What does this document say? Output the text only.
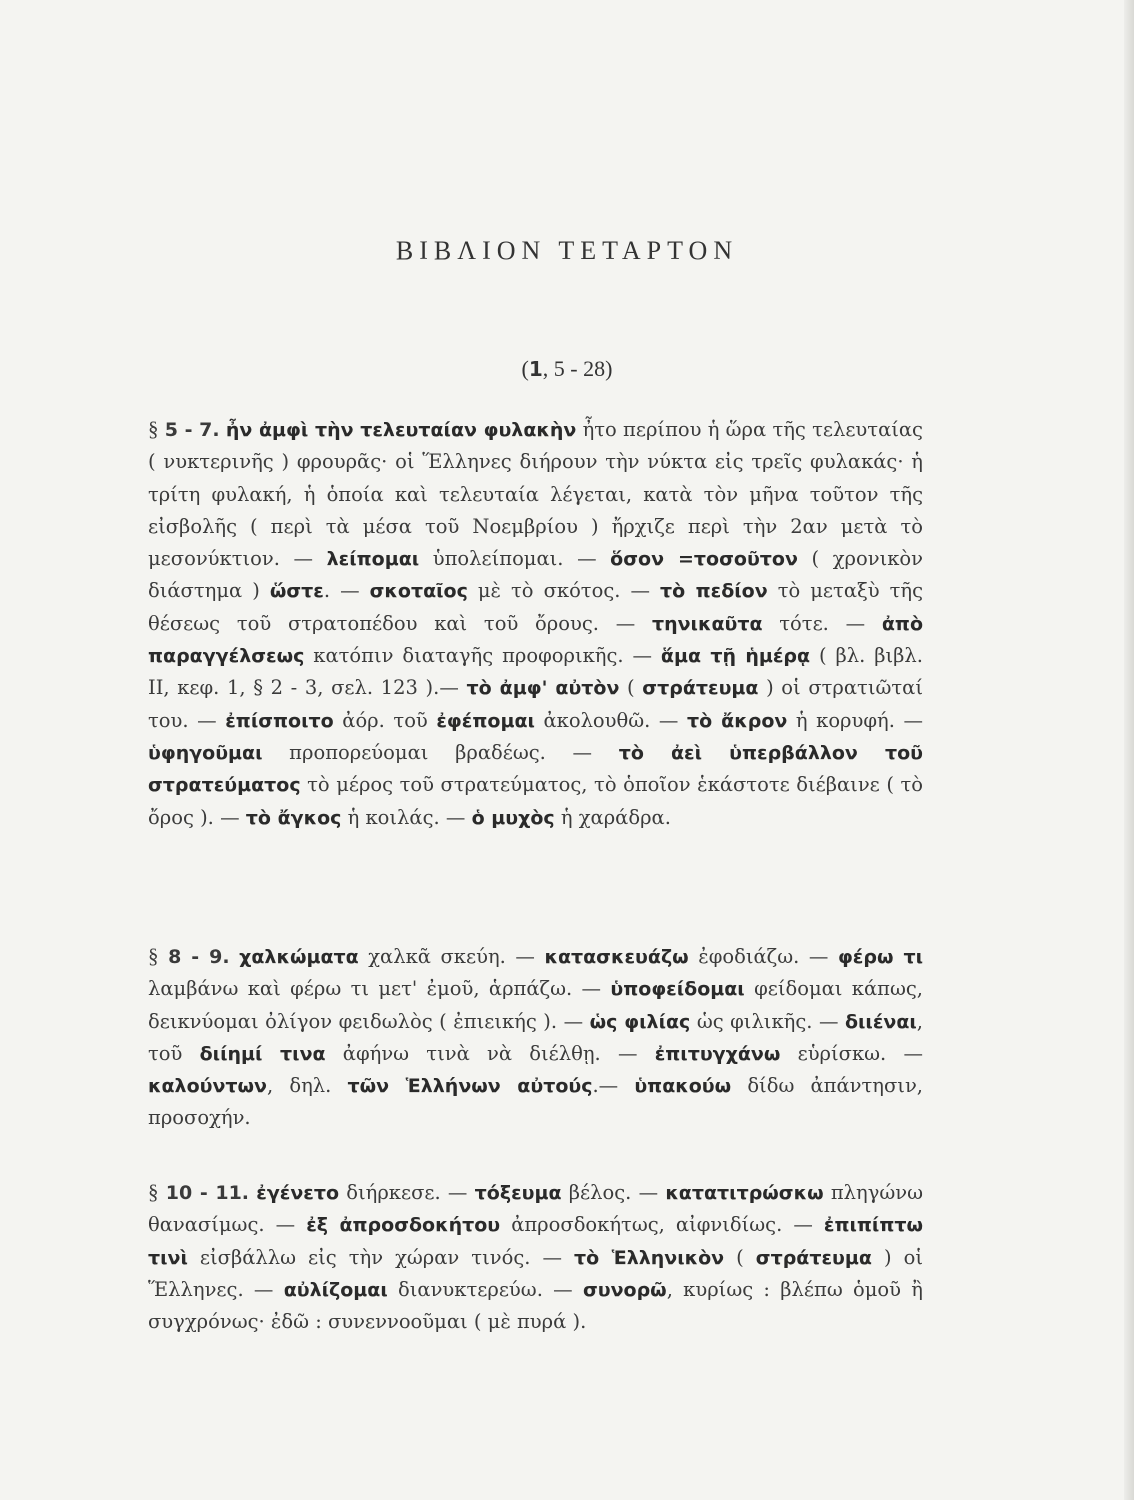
ΒΙΒΛΙΟΝ ΤΕΤΑΡΤΟΝ
(1, 5 - 28)
§ 5 - 7. ἦν ἀμφὶ τὴν τελευταίαν φυλακὴν ἦτο περίπου ἡ ὥρα τῆς τελευταίας ( νυκτερινῆς ) φρουρᾶς· οἱ Ἕλληνες διήρουν τὴν νύκτα εἰς τρεῖς φυλακάς· ἡ τρίτη φυλακή, ἡ ὁποία καὶ τελευταία λέγεται, κατὰ τὸν μῆνα τοῦτον τῆς εἰσβολῆς ( περὶ τὰ μέσα τοῦ Νοεμβρίου ) ἤρχιζε περὶ τὴν 2αν μετὰ τὸ μεσονύκτιον. — λείπομαι ὑπολείπομαι. — ὅσον =τοσοῦτον ( χρονικὸν διάστημα ) ὥστε. — σκοταῖος μὲ τὸ σκότος. — τὸ πεδίον τὸ μεταξὺ τῆς θέσεως τοῦ στρατοπέδου καὶ τοῦ ὄρους. — τηνικαῦτα τότε. — ἀπὸ παραγγέλσεως κατόπιν διαταγῆς προφορικῆς. — ἅμα τῇ ἡμέρᾳ ( βλ. βιβλ. II, κεφ. 1, § 2 - 3, σελ. 123 ).— τὸ ἀμφ' αὐτὸν ( στράτευμα ) οἱ στρατιῶταί του. — ἐπίσποιτο ἀόρ. τοῦ ἐφέπομαι ἀκολουθῶ. — τὸ ἄκρον ἡ κορυφή. — ὑφηγοῦμαι προπορεύομαι βραδέως. — τὸ ἀεὶ ὑπερβάλλον τοῦ στρατεύματος τὸ μέρος τοῦ στρατεύματος, τὸ ὁποῖον ἑκάστοτε διέβαινε ( τὸ ὄρος ). — τὸ ἄγκος ἡ κοιλάς. — ὁ μυχὸς ἡ χαράδρα.
§ 8 - 9. χαλκώματα χαλκᾶ σκεύη. — κατασκευάζω ἐφοδιάζω. — φέρω τι λαμβάνω καὶ φέρω τι μετ' ἐμοῦ, ἁρπάζω. — ὑποφείδομαι φείδομαι κάπως, δεικνύομαι ὀλίγον φειδωλὸς ( ἐπιεικής ). — ὡς φιλίας ὡς φιλικῆς. — διιέναι, τοῦ διίημί τινα ἀφήνω τινὰ νὰ διέλθῃ. — ἐπιτυγχάνω εὑρίσκω. — καλούντων, δηλ. τῶν Ἑλλήνων αὐτούς.— ὑπακούω δίδω ἀπάντησιν, προσοχήν.
§ 10 - 11. ἐγένετο διήρκεσε. — τόξευμα βέλος. — κατατιτρώσκω πληγώνω θανασίμως. — ἐξ ἀπροσδοκήτου ἀπροσδοκήτως, αἰφνιδίως. — ἐπιπίπτω τινὶ εἰσβάλλω εἰς τὴν χώραν τινός. — τὸ Ἑλληνικὸν ( στράτευμα ) οἱ Ἕλληνες. — αὐλίζομαι διανυκτερεύω. — συνορῶ, κυρίως : βλέπω ὁμοῦ ἢ συγχρόνως· ἐδῶ : συνεννοοῦμαι ( μὲ πυρά ).
